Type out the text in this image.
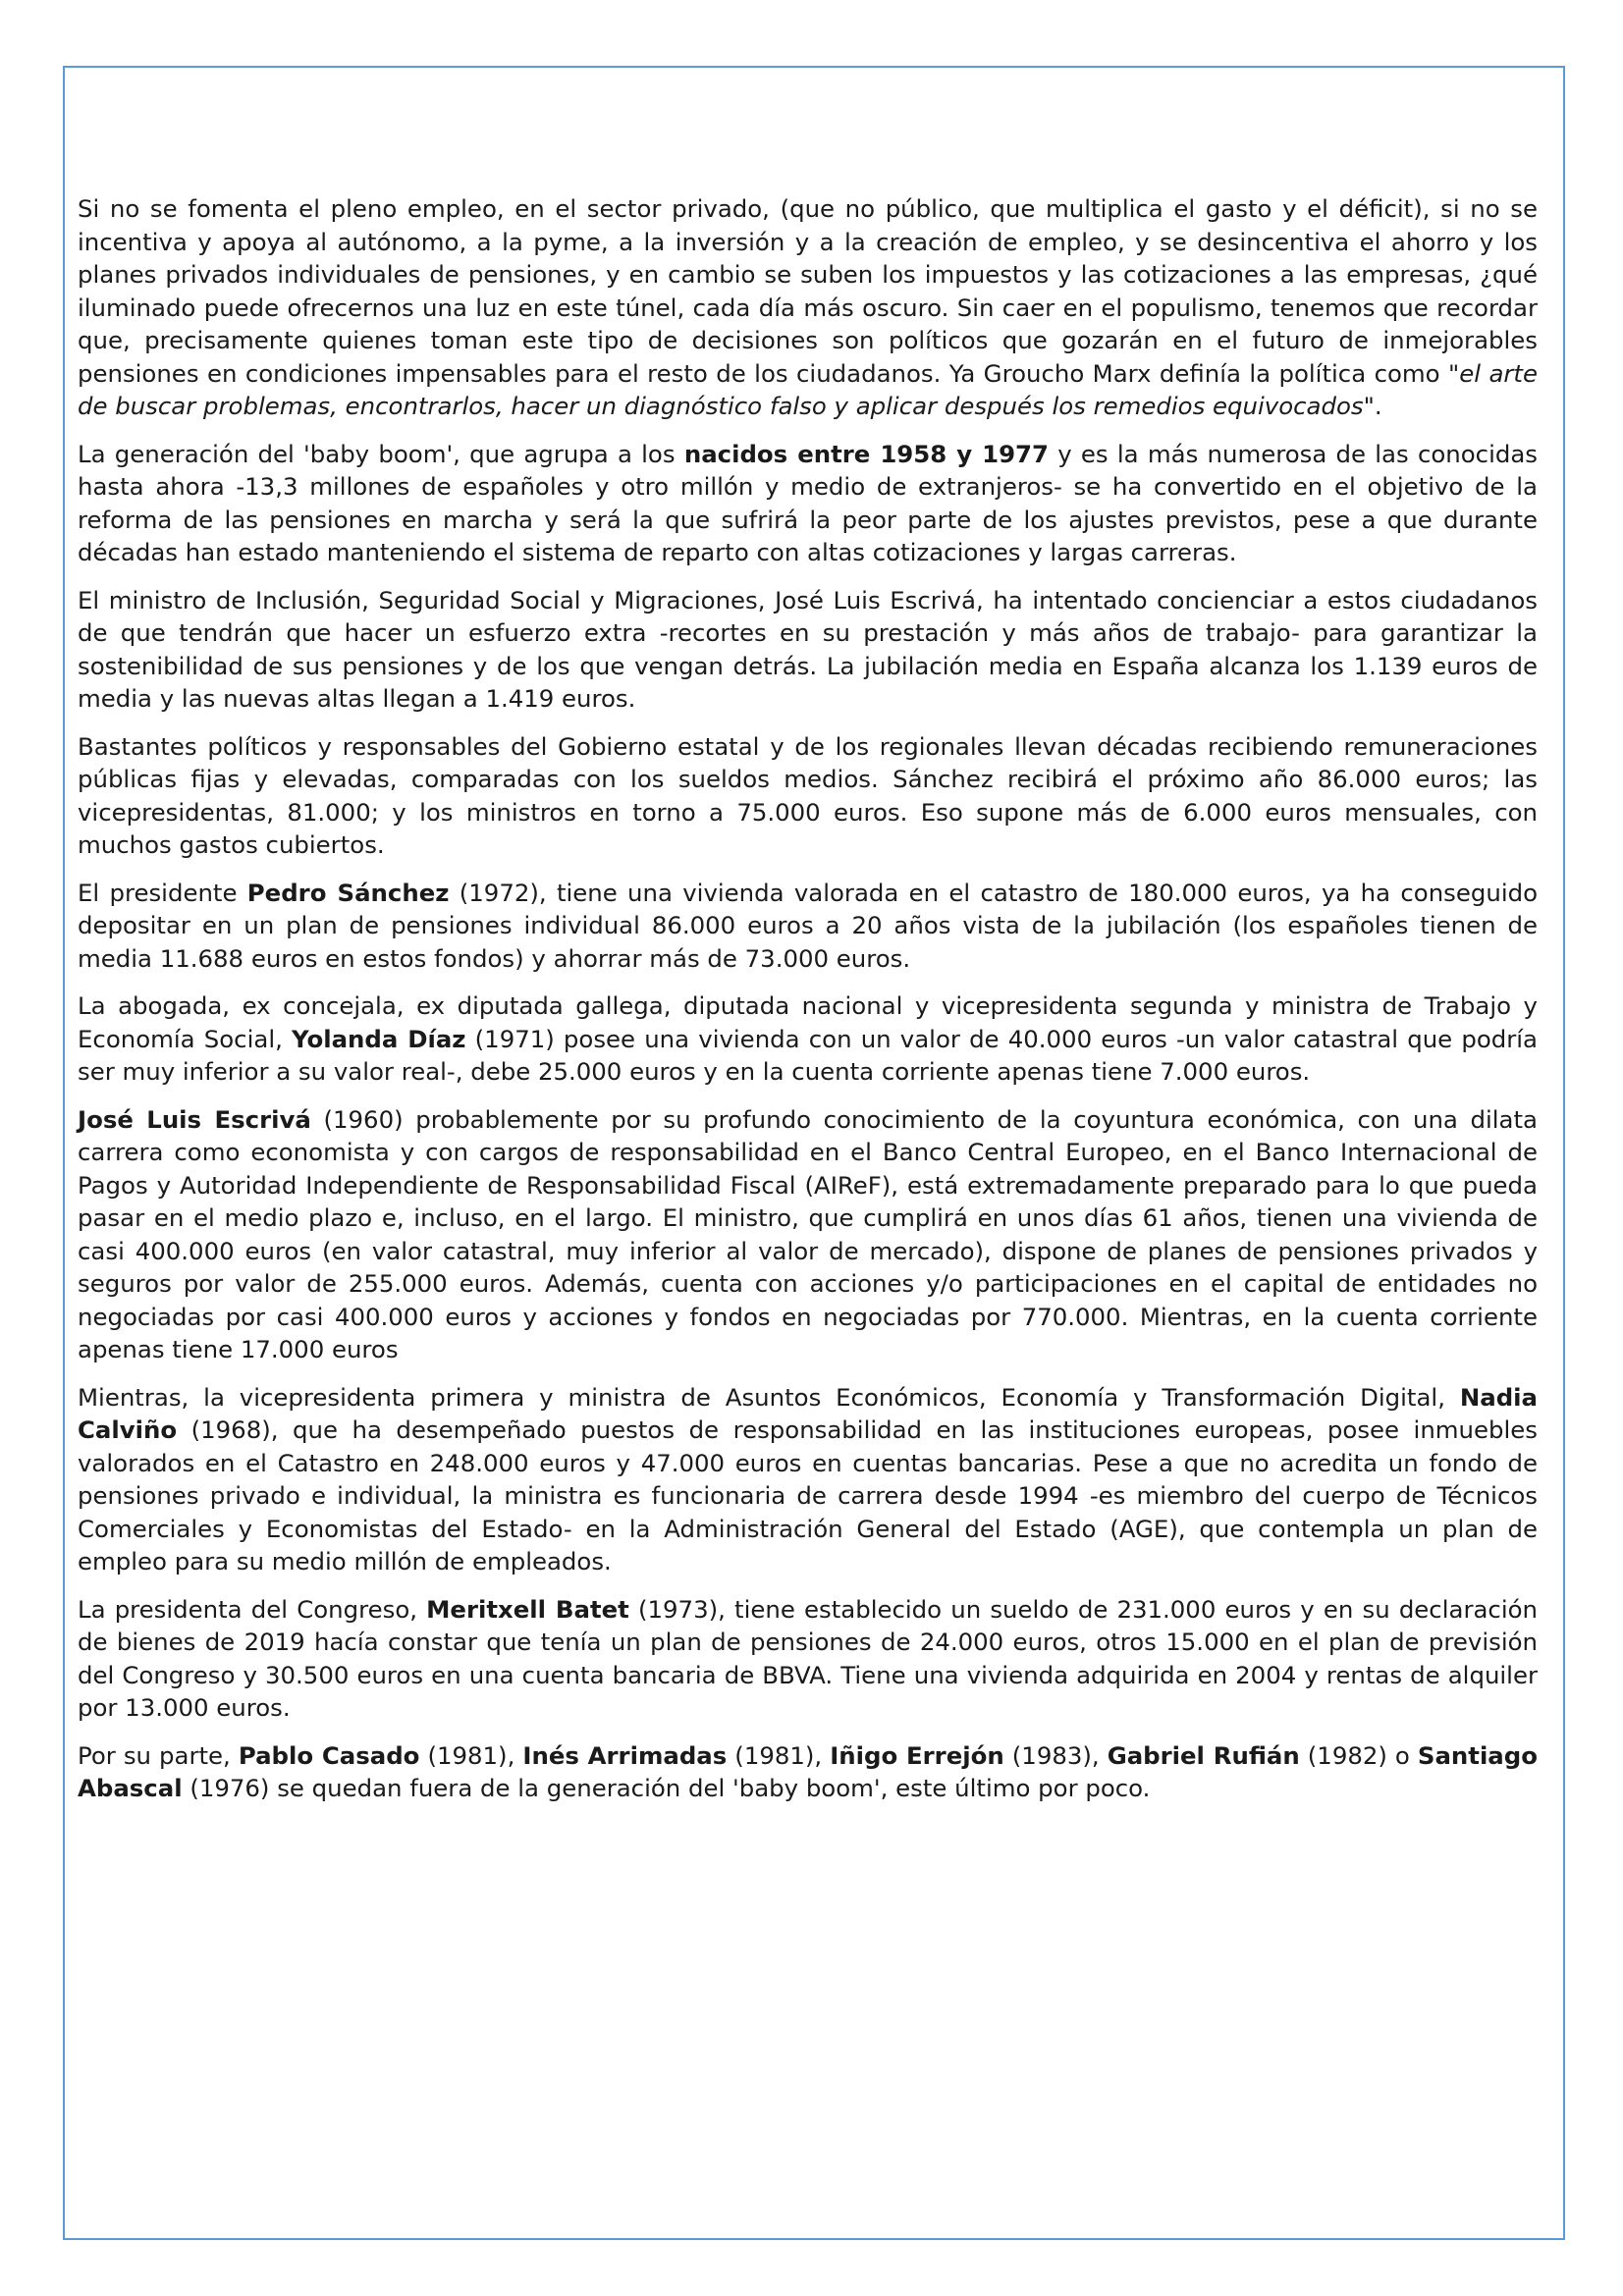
Si no se fomenta el pleno empleo, en el sector privado, (que no público, que multiplica el gasto y el déficit), si no se incentiva y apoya al autónomo, a la pyme, a la inversión y a la creación de empleo, y se desincentiva el ahorro y los planes privados individuales de pensiones, y en cambio se suben los impuestos y las cotizaciones a las empresas, ¿qué iluminado puede ofrecernos una luz en este túnel, cada día más oscuro. Sin caer en el populismo, tenemos que recordar que, precisamente quienes toman este tipo de decisiones son políticos que gozarán en el futuro de inmejorables pensiones en condiciones impensables para el resto de los ciudadanos. Ya Groucho Marx definía la política como "el arte de buscar problemas, encontrarlos, hacer un diagnóstico falso y aplicar después los remedios equivocados".

La generación del 'baby boom', que agrupa a los nacidos entre 1958 y 1977 y es la más numerosa de las conocidas hasta ahora -13,3 millones de españoles y otro millón y medio de extranjeros- se ha convertido en el objetivo de la reforma de las pensiones en marcha y será la que sufrirá la peor parte de los ajustes previstos, pese a que durante décadas han estado manteniendo el sistema de reparto con altas cotizaciones y largas carreras.

El ministro de Inclusión, Seguridad Social y Migraciones, José Luis Escrivá, ha intentado concienciar a estos ciudadanos de que tendrán que hacer un esfuerzo extra -recortes en su prestación y más años de trabajo- para garantizar la sostenibilidad de sus pensiones y de los que vengan detrás. La jubilación media en España alcanza los 1.139 euros de media y las nuevas altas llegan a 1.419 euros.

Bastantes políticos y responsables del Gobierno estatal y de los regionales llevan décadas recibiendo remuneraciones públicas fijas y elevadas, comparadas con los sueldos medios. Sánchez recibirá el próximo año 86.000 euros; las vicepresidentas, 81.000; y los ministros en torno a 75.000 euros. Eso supone más de 6.000 euros mensuales, con muchos gastos cubiertos.

El presidente Pedro Sánchez (1972), tiene una vivienda valorada en el catastro de 180.000 euros, ya ha conseguido depositar en un plan de pensiones individual 86.000 euros a 20 años vista de la jubilación (los españoles tienen de media 11.688 euros en estos fondos) y ahorrar más de 73.000 euros.

La abogada, ex concejala, ex diputada gallega, diputada nacional y vicepresidenta segunda y ministra de Trabajo y Economía Social, Yolanda Díaz (1971) posee una vivienda con un valor de 40.000 euros -un valor catastral que podría ser muy inferior a su valor real-, debe 25.000 euros y en la cuenta corriente apenas tiene 7.000 euros.

José Luis Escrivá (1960) probablemente por su profundo conocimiento de la coyuntura económica, con una dilata carrera como economista y con cargos de responsabilidad en el Banco Central Europeo, en el Banco Internacional de Pagos y Autoridad Independiente de Responsabilidad Fiscal (AIReF), está extremadamente preparado para lo que pueda pasar en el medio plazo e, incluso, en el largo. El ministro, que cumplirá en unos días 61 años, tienen una vivienda de casi 400.000 euros (en valor catastral, muy inferior al valor de mercado), dispone de planes de pensiones privados y seguros por valor de 255.000 euros. Además, cuenta con acciones y/o participaciones en el capital de entidades no negociadas por casi 400.000 euros y acciones y fondos en negociadas por 770.000. Mientras, en la cuenta corriente apenas tiene 17.000 euros

Mientras, la vicepresidenta primera y ministra de Asuntos Económicos, Economía y Transformación Digital, Nadia Calviño (1968), que ha desempeñado puestos de responsabilidad en las instituciones europeas, posee inmuebles valorados en el Catastro en 248.000 euros y 47.000 euros en cuentas bancarias. Pese a que no acredita un fondo de pensiones privado e individual, la ministra es funcionaria de carrera desde 1994 -es miembro del cuerpo de Técnicos Comerciales y Economistas del Estado- en la Administración General del Estado (AGE), que contempla un plan de empleo para su medio millón de empleados.

La presidenta del Congreso, Meritxell Batet (1973), tiene establecido un sueldo de 231.000 euros y en su declaración de bienes de 2019 hacía constar que tenía un plan de pensiones de 24.000 euros, otros 15.000 en el plan de previsión del Congreso y 30.500 euros en una cuenta bancaria de BBVA. Tiene una vivienda adquirida en 2004 y rentas de alquiler por 13.000 euros.

Por su parte, Pablo Casado (1981), Inés Arrimadas (1981), Iñigo Errejón (1983), Gabriel Rufián (1982) o Santiago Abascal (1976) se quedan fuera de la generación del 'baby boom', este último por poco.
